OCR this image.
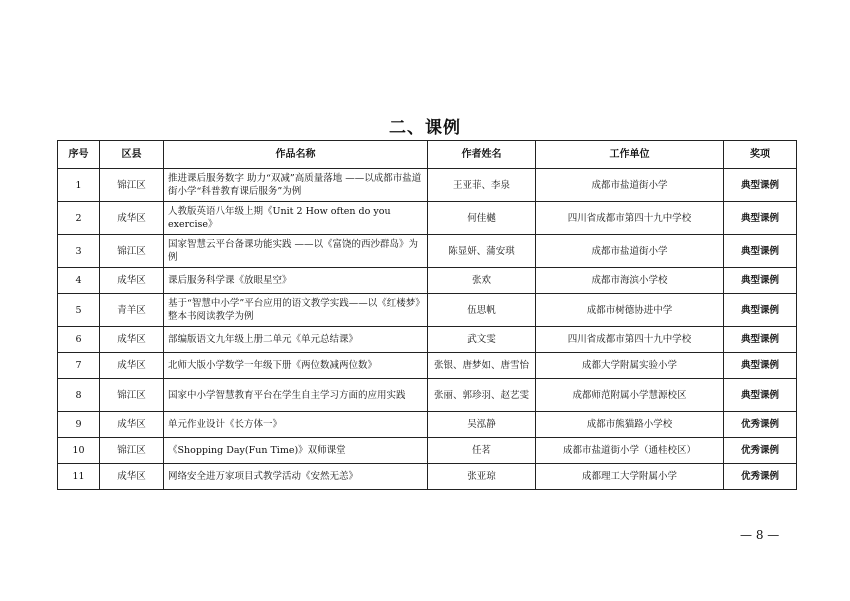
二、课例
序号	区县	作品名称	作者姓名	工作单位	奖项
1	锦江区	推进课后服务数字 助力“双减”高质量落地 ——以成都市盐道街小学“科普教育课后服务”为例	王亚菲、李泉	成都市盐道街小学	典型课例
2	成华区	人教版英语八年级上期《Unit 2 How often do you exercise》	何佳樾	四川省成都市第四十九中学校	典型课例
3	锦江区	国家智慧云平台备课功能实践 ——以《富饶的西沙群岛》为例	陈显妍、蒲安琪	成都市盐道街小学	典型课例
4	成华区	课后服务科学课《放眼星空》	张欢	成都市海滨小学校	典型课例
5	青羊区	基于“智慧中小学”平台应用的语文教学实践——以《红楼梦》整本书阅读教学为例	伍思帆	成都市树德协进中学	典型课例
6	成华区	部编版语文九年级上册二单元《单元总结课》	武文雯	四川省成都市第四十九中学校	典型课例
7	成华区	北师大版小学数学一年级下册《两位数减两位数》	张银、唐梦如、唐雪怡	成都大学附属实验小学	典型课例
8	锦江区	国家中小学智慧教育平台在学生自主学习方面的应用实践	张丽、郭珍羽、赵艺雯	成都师范附属小学慧源校区	典型课例
9	成华区	单元作业设计《长方体一》	吴泓静	成都市熊猫路小学校	优秀课例
10	锦江区	《Shopping Day(Fun Time)》双师课堂	任茗	成都市盐道街小学（通桂校区）	优秀课例
11	成华区	网络安全进万家项目式教学活动《安然无恙》	张亚琼	成都理工大学附属小学	优秀课例
— 8 —
